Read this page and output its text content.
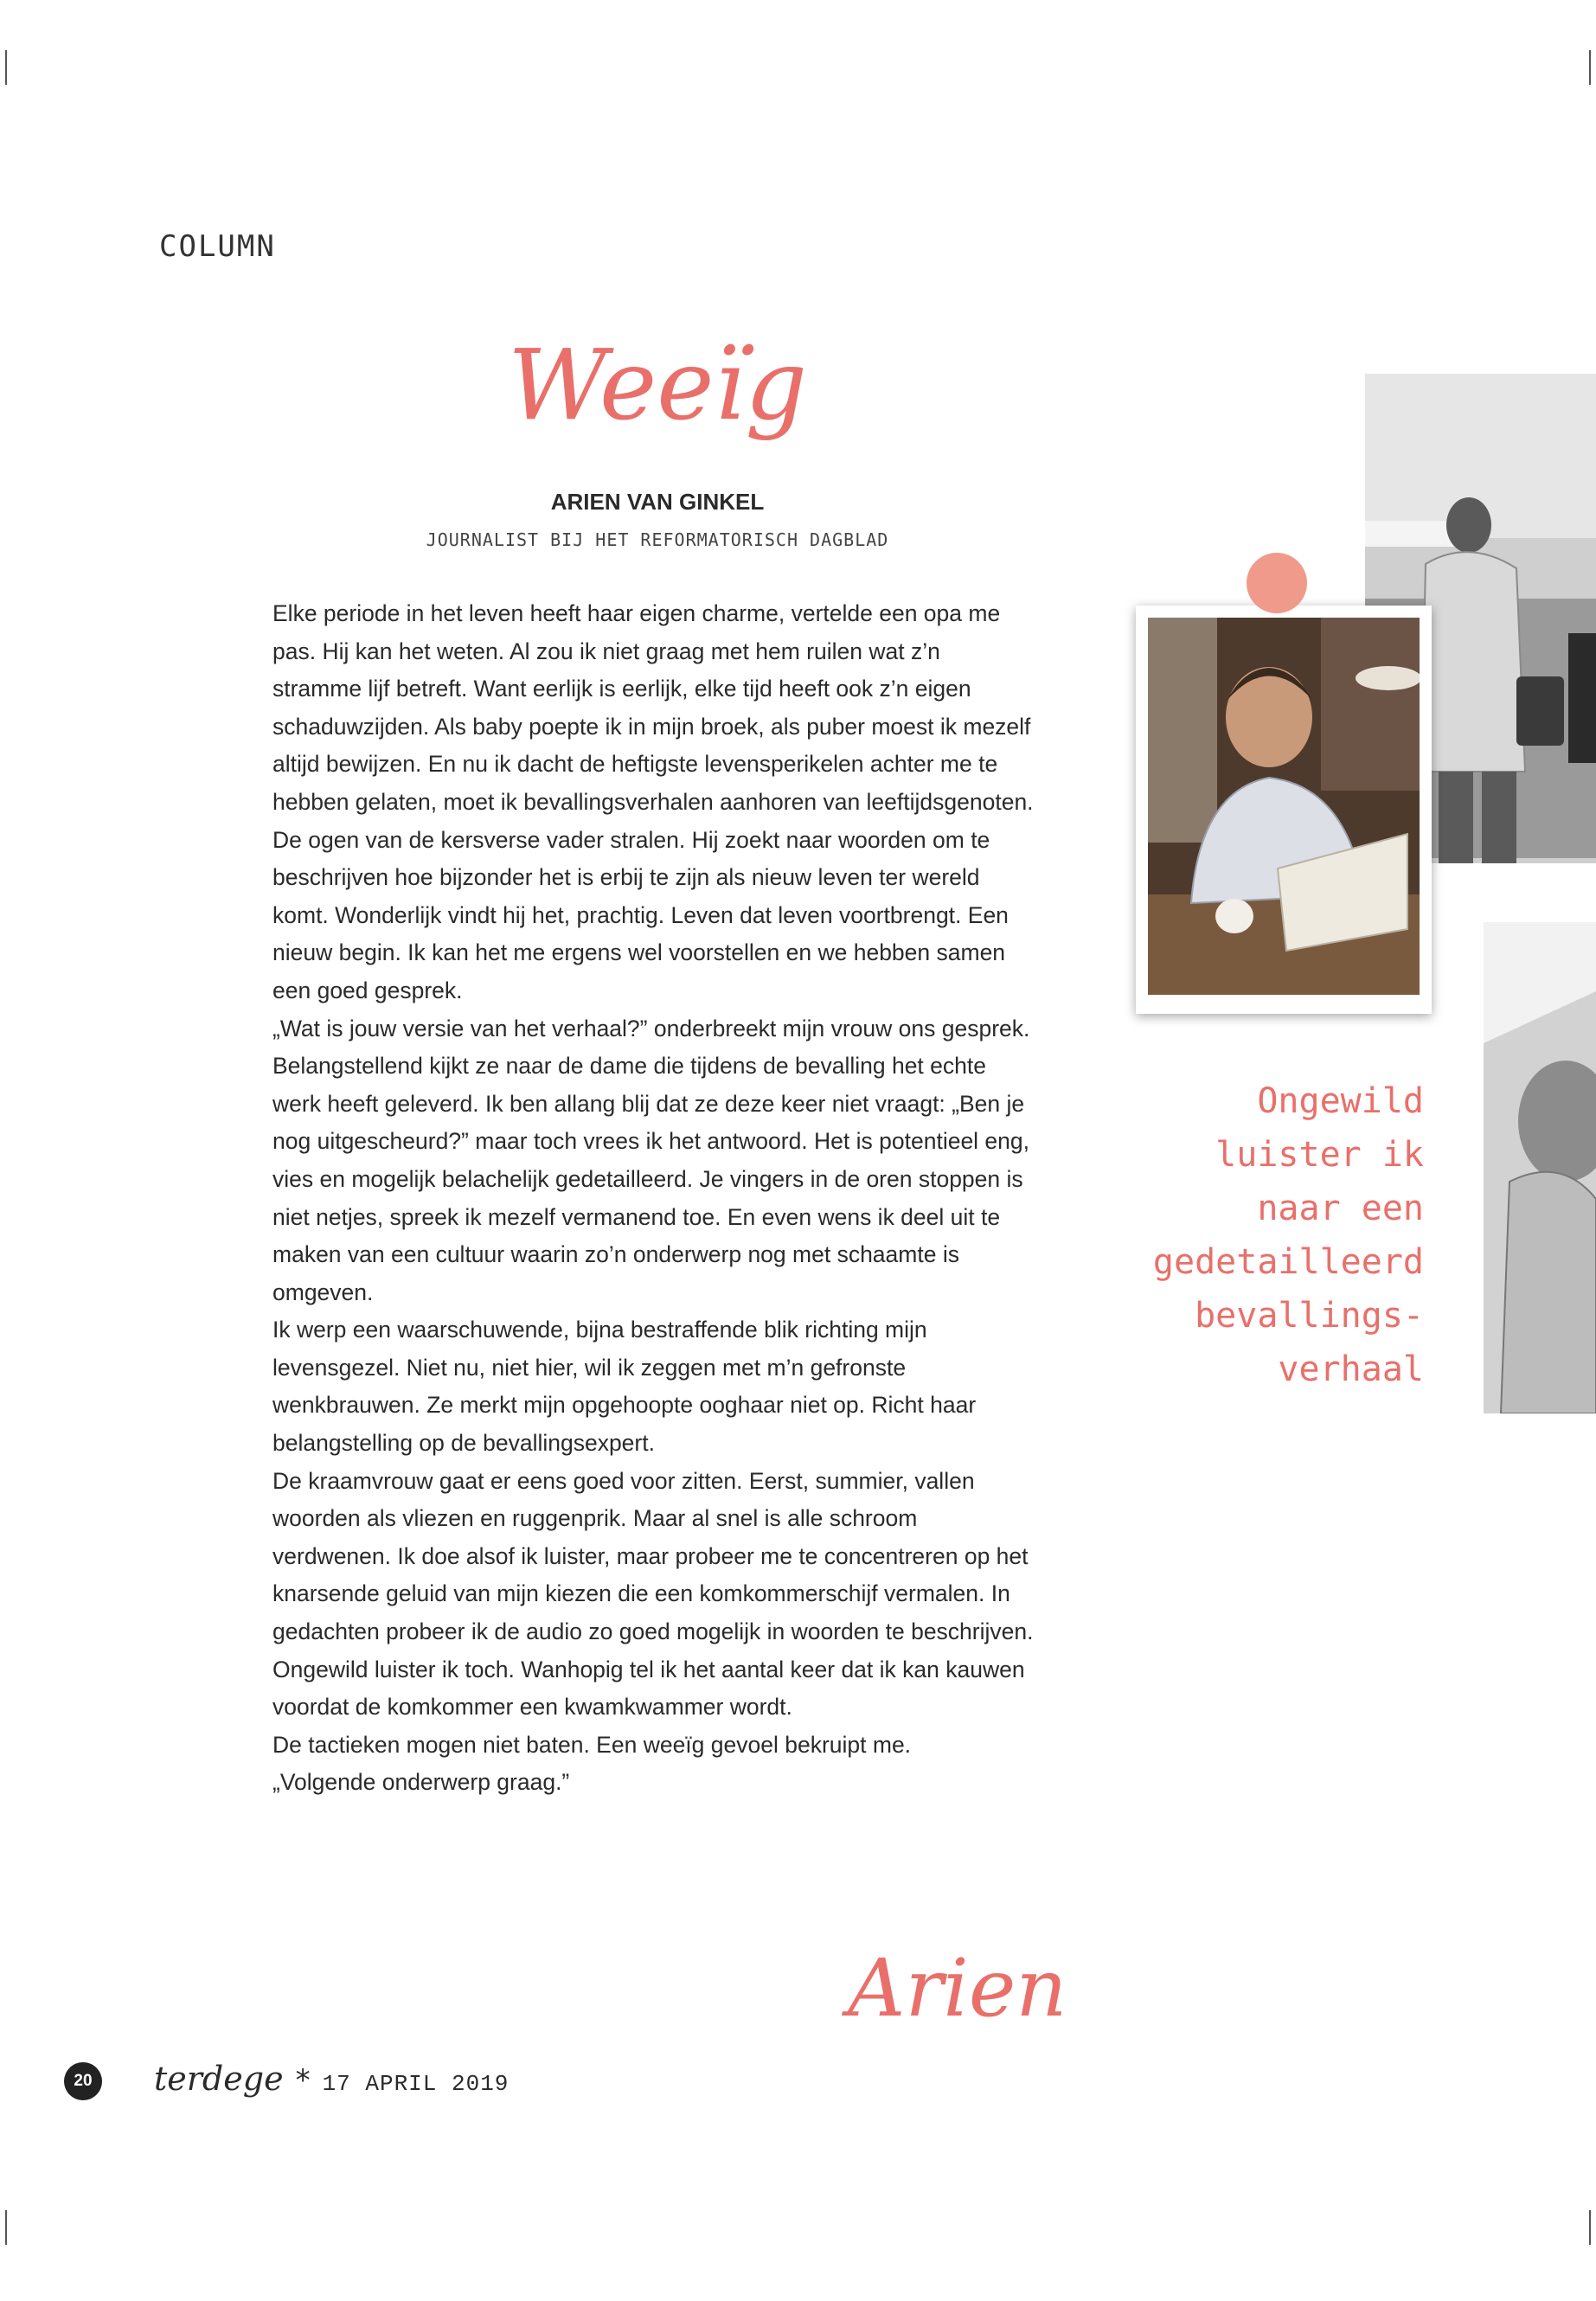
COLUMN
Weeïg
ARIEN VAN GINKEL
JOURNALIST BIJ HET REFORMATORISCH DAGBLAD

Elke periode in het leven heeft haar eigen charme, vertelde een opa me pas. Hij kan het weten. Al zou ik niet graag met hem ruilen wat z’n stramme lijf betreft. Want eerlijk is eerlijk, elke tijd heeft ook z’n eigen schaduwzijden. Als baby poepte ik in mijn broek, als puber moest ik mezelf altijd bewijzen. En nu ik dacht de heftigste levensperikelen achter me te hebben gelaten, moet ik bevallingsverhalen aanhoren van leeftijdsgenoten.

De ogen van de kersverse vader stralen. Hij zoekt naar woorden om te beschrijven hoe bijzonder het is erbij te zijn als nieuw leven ter wereld komt. Wonderlijk vindt hij het, prachtig. Leven dat leven voortbrengt. Een nieuw begin. Ik kan het me ergens wel voorstellen en we hebben samen een goed gesprek.

„Wat is jouw versie van het verhaal?” onderbreekt mijn vrouw ons gesprek. Belangstellend kijkt ze naar de dame die tijdens de bevalling het echte werk heeft geleverd. Ik ben allang blij dat ze deze keer niet vraagt: „Ben je nog uitgescheurd?” maar toch vrees ik het antwoord. Het is potentieel eng, vies en mogelijk belachelijk gedetailleerd. Je vingers in de oren stoppen is niet netjes, spreek ik mezelf vermanend toe. En even wens ik deel uit te maken van een cultuur waarin zo’n onderwerp nog met schaamte is omgeven.

Ik werp een waarschuwende, bijna bestraffende blik richting mijn levensgezel. Niet nu, niet hier, wil ik zeggen met m’n gefronste wenkbrauwen. Ze merkt mijn opgehoopte ooghaar niet op. Richt haar belangstelling op de bevallingsexpert.

De kraamvrouw gaat er eens goed voor zitten. Eerst, summier, vallen woorden als vliezen en ruggenprik. Maar al snel is alle schroom verdwenen. Ik doe alsof ik luister, maar probeer me te concentreren op het knarsende geluid van mijn kiezen die een komkommerschijf vermalen. In gedachten probeer ik de audio zo goed mogelijk in woorden te beschrijven. Ongewild luister ik toch. Wanhopig tel ik het aantal keer dat ik kan kauwen voordat de komkommer een kwamkwammer wordt.

De tactieken mogen niet baten. Een weeïg gevoel bekruipt me.

„Volgende onderwerp graag.”

Ongewild luister ik naar een gedetailleerd bevallings-verhaal
Arien
20	terdege * 17 APRIL 2019
